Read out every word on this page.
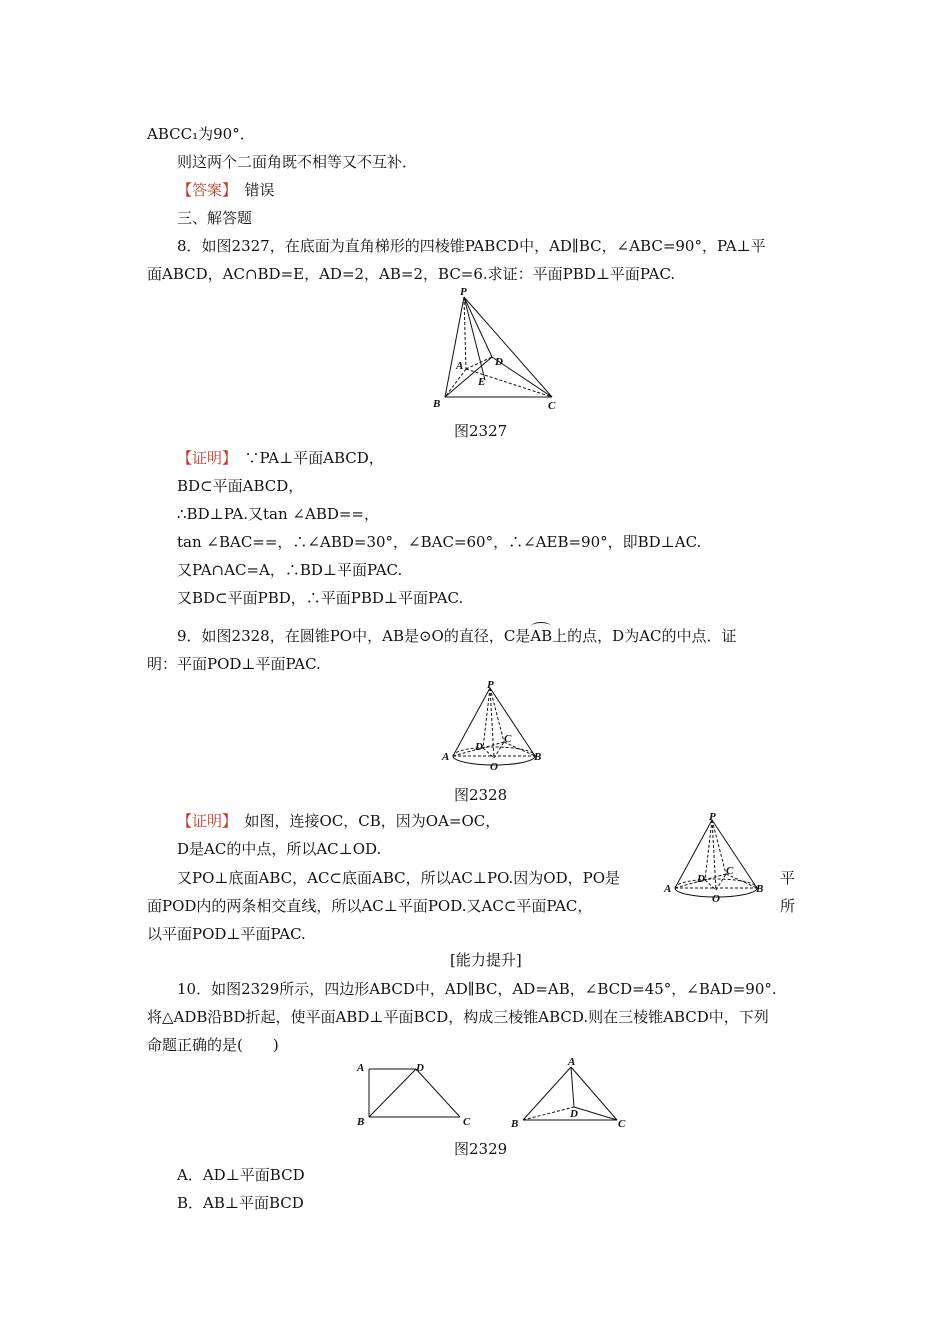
ABCC₁为90°．
则这两个二面角既不相等又不互补．
【答案】　错误
三、解答题
8．如图2327，在底面为直角梯形的四棱锥PABCD中，AD∥BC，∠ABC=90°，PA⊥平
面ABCD，AC∩BD=E，AD=2，AB=2，BC=6.求证：平面PBD⊥平面PAC.
P
A	D
E
B	C
图2327
【证明】　∵PA⊥平面ABCD，
BD⊂平面ABCD，
∴BD⊥PA.又tan ∠ABD==，
tan ∠BAC==，∴∠ABD=30°，∠BAC=60°，∴∠AEB=90°，即BD⊥AC.
又PA∩AC=A，∴BD⊥平面PAC.
又BD⊂平面PBD，∴平面PBD⊥平面PAC.
9．如图2328，在圆锥PO中，AB是⊙O的直径，C是AB上的点，D为AC的中点．证
明：平面POD⊥平面PAC.
P
A
D
C
O
B
图2328
【证明】　如图，连接OC，CB，因为OA=OC，
D是AC的中点，所以AC⊥OD.
又PO⊥底面ABC，AC⊂底面ABC，所以AC⊥PO.因为OD，PO是
面POD内的两条相交直线，所以AC⊥平面POD.又AC⊂平面PAC，
以平面POD⊥平面PAC.
平
所
P
A
D
C
O
B
[能力提升]
10．如图2329所示，四边形ABCD中，AD∥BC，AD=AB，∠BCD=45°，∠BAD=90°.
将△ADB沿BD折起，使平面ABD⊥平面BCD，构成三棱锥ABCD.则在三棱锥ABCD中，下列
命题正确的是(　　)
A	D
B	C
A
D
B	C
图2329
A．AD⊥平面BCD
B．AB⊥平面BCD
